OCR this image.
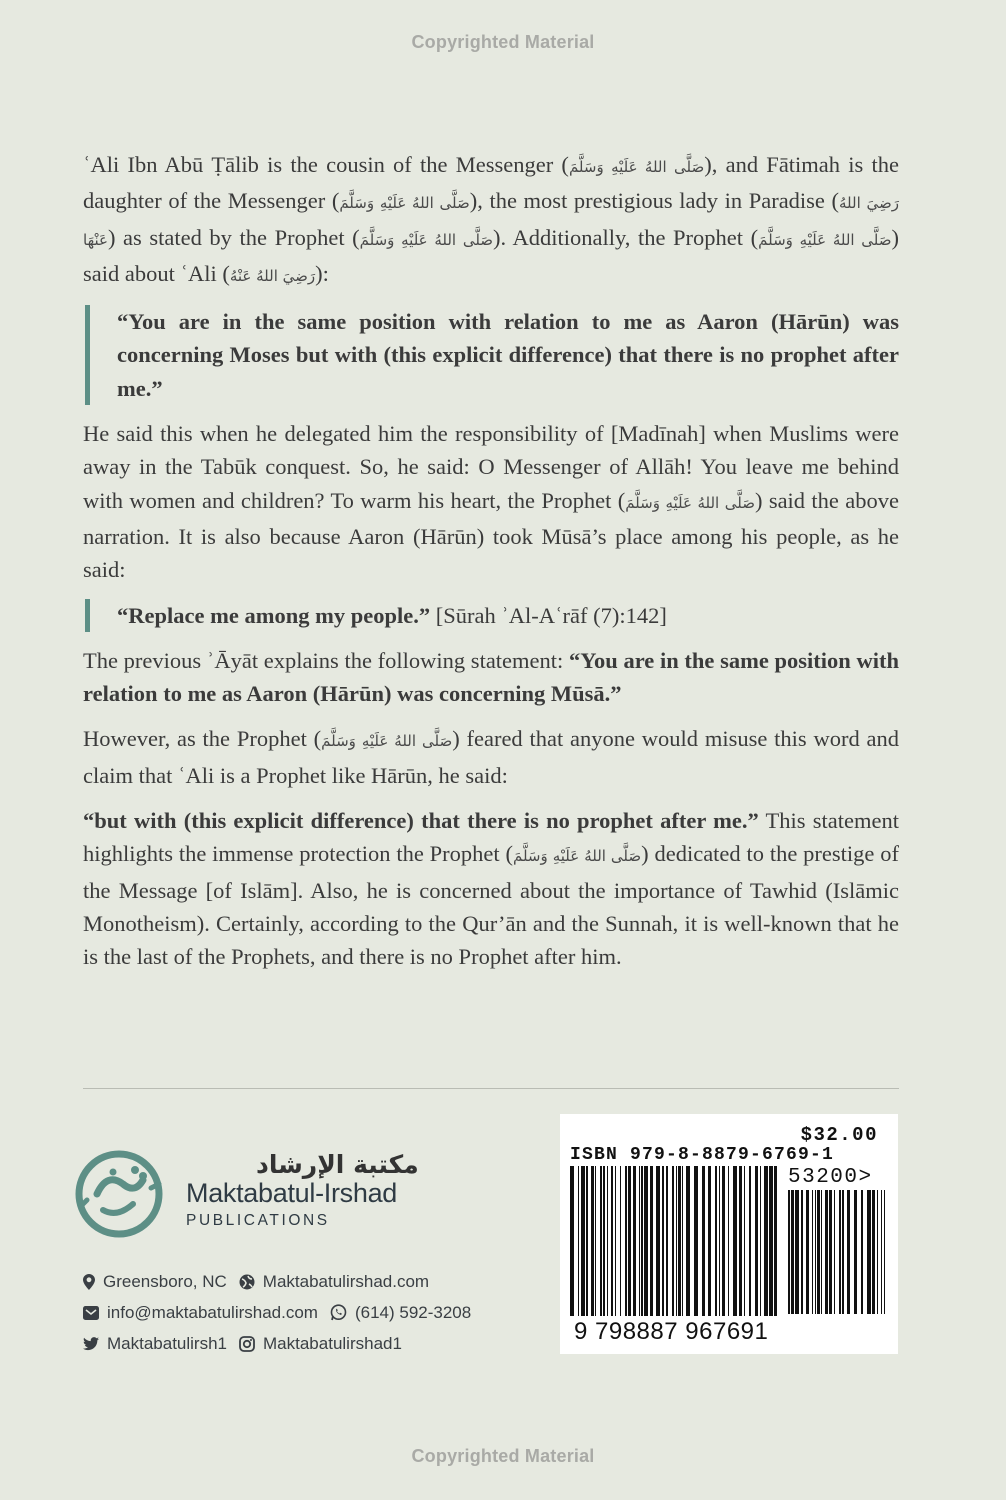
Copyrighted Material

ʿAli Ibn Abū Ṭālib is the cousin of the Messenger (صَلَّى اللهُ عَلَيْهِ وَسَلَّمَ), and Fātimah is the daughter of the Messenger (صَلَّى اللهُ عَلَيْهِ وَسَلَّمَ), the most prestigious lady in Paradise (رَضِيَ اللهُ عَنْهَا) as stated by the Prophet (صَلَّى اللهُ عَلَيْهِ وَسَلَّمَ). Additionally, the Prophet (صَلَّى اللهُ عَلَيْهِ وَسَلَّمَ) said about ʿAli (رَضِيَ اللهُ عَنْهُ):

“You are in the same position with relation to me as Aaron (Hārūn) was concerning Moses but with (this explicit difference) that there is no prophet after me.”

He said this when he delegated him the responsibility of [Madīnah] when Muslims were away in the Tabūk conquest. So, he said: O Messenger of Allāh! You leave me behind with women and children? To warm his heart, the Prophet (صَلَّى اللهُ عَلَيْهِ وَسَلَّمَ) said the above narration. It is also because Aaron (Hārūn) took Mūsā’s place among his people, as he said:

“Replace me among my people.” [Sūrah ʾAl-Aʿrāf (7):142]

The previous ʾĀyāt explains the following statement: “You are in the same position with relation to me as Aaron (Hārūn) was concerning Mūsā.”

However, as the Prophet (صَلَّى اللهُ عَلَيْهِ وَسَلَّمَ) feared that anyone would misuse this word and claim that ʿAli is a Prophet like Hārūn, he said:

“but with (this explicit difference) that there is no prophet after me.” This statement highlights the immense protection the Prophet (صَلَّى اللهُ عَلَيْهِ وَسَلَّمَ) dedicated to the prestige of the Message [of Islām]. Also, he is concerned about the importance of Tawhid (Islāmic Monotheism). Certainly, according to the Qur’ān and the Sunnah, it is well-known that he is the last of the Prophets, and there is no Prophet after him.

مكتبة الإرشاد
Maktabatul-Irshad
PUBLICATIONS
Greensboro, NC Maktabatulirshad.com
info@maktabatulirshad.com (614) 592-3208
Maktabatulirsh1 Maktabatulirshad1
$32.00
ISBN 979-8-8879-6769-1
53200>
9 798887 967691
Copyrighted Material
